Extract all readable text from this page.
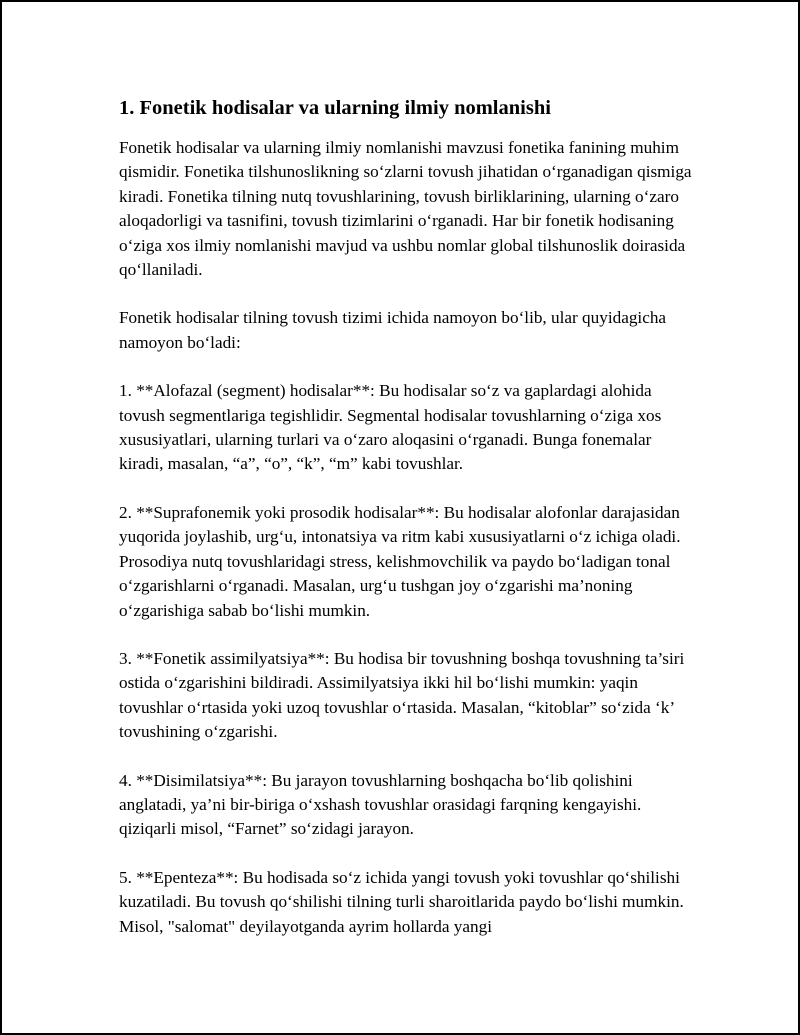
1. Fonetik hodisalar va ularning ilmiy nomlanishi

Fonetik hodisalar va ularning ilmiy nomlanishi mavzusi fonetika fanining muhim qismidir. Fonetika tilshunoslikning so‘zlarni tovush jihatidan o‘rganadigan qismiga kiradi. Fonetika tilning nutq tovushlarining, tovush birliklarining, ularning o‘zaro aloqadorligi va tasnifini, tovush tizimlarini o‘rganadi. Har bir fonetik hodisaning o‘ziga xos ilmiy nomlanishi mavjud va ushbu nomlar global tilshunoslik doirasida qo‘llaniladi.

Fonetik hodisalar tilning tovush tizimi ichida namoyon bo‘lib, ular quyidagicha namoyon bo‘ladi:

1. **Alofazal (segment) hodisalar**: Bu hodisalar so‘z va gaplardagi alohida tovush segmentlariga tegishlidir. Segmental hodisalar tovushlarning o‘ziga xos xususiyatlari, ularning turlari va o‘zaro aloqasini o‘rganadi. Bunga fonemalar kiradi, masalan, “a”, “o”, “k”, “m” kabi tovushlar.

2. **Suprafonemik yoki prosodik hodisalar**: Bu hodisalar alofonlar darajasidan yuqorida joylashib, urg‘u, intonatsiya va ritm kabi xususiyatlarni o‘z ichiga oladi. Prosodiya nutq tovushlaridagi stress, kelishmovchilik va paydo bo‘ladigan tonal o‘zgarishlarni o‘rganadi. Masalan, urg‘u tushgan joy o‘zgarishi ma’noning o‘zgarishiga sabab bo‘lishi mumkin.

3. **Fonetik assimilyatsiya**: Bu hodisa bir tovushning boshqa tovushning ta’siri ostida o‘zgarishini bildiradi. Assimilyatsiya ikki hil bo‘lishi mumkin: yaqin tovushlar o‘rtasida yoki uzoq tovushlar o‘rtasida. Masalan, “kitoblar” so‘zida ‘k’ tovushining o‘zgarishi.

4. **Disimilatsiya**: Bu jarayon tovushlarning boshqacha bo‘lib qolishini anglatadi, ya’ni bir-biriga o‘xshash tovushlar orasidagi farqning kengayishi. qiziqarli misol, “Farnet” so‘zidagi jarayon.

5. **Epenteza**: Bu hodisada so‘z ichida yangi tovush yoki tovushlar qo‘shilishi kuzatiladi. Bu tovush qo‘shilishi tilning turli sharoitlarida paydo bo‘lishi mumkin. Misol, "salomat" deyilayotganda ayrim hollarda yangi
